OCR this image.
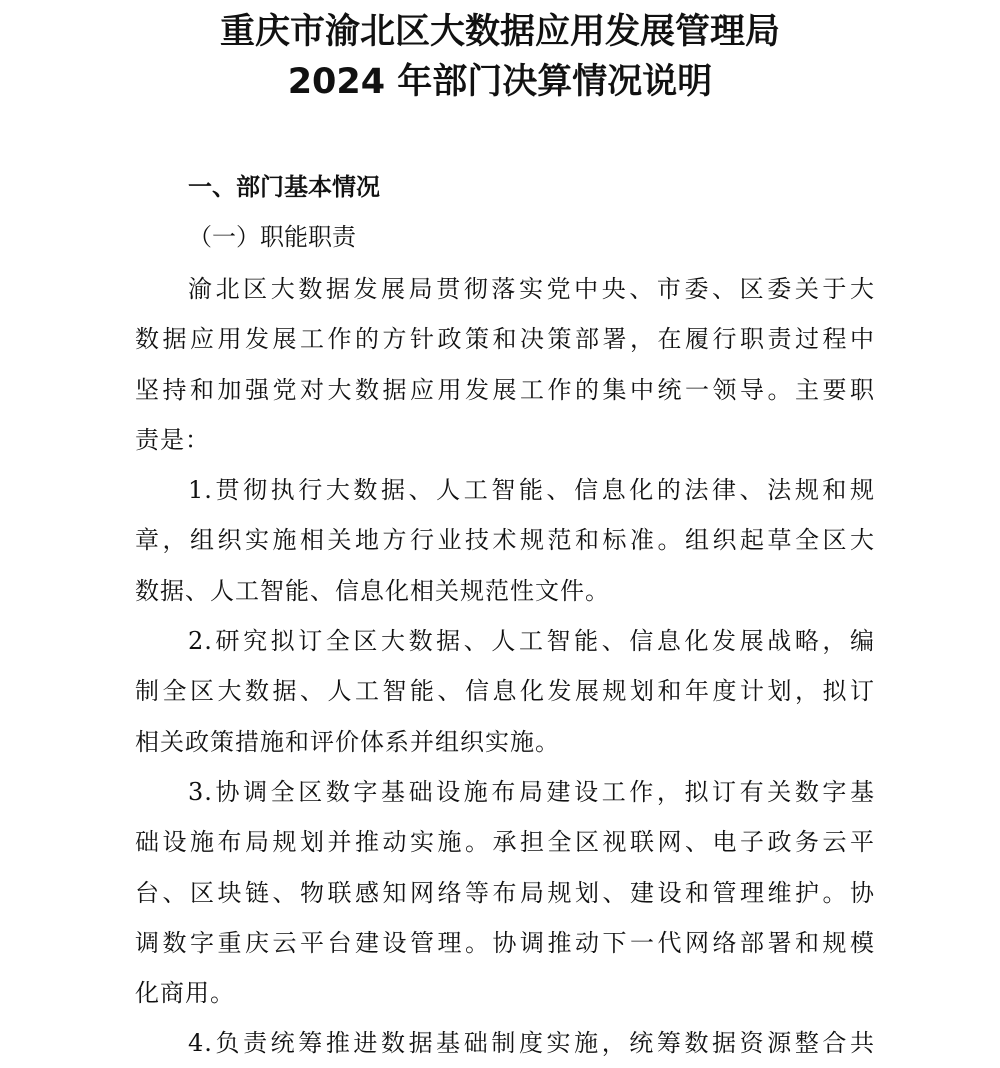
重庆市渝北区大数据应用发展管理局
2024 年部门决算情况说明
一、部门基本情况
（一）职能职责
渝北区大数据发展局贯彻落实党中央、市委、区委关于大
数据应用发展工作的方针政策和决策部署，在履行职责过程中
坚持和加强党对大数据应用发展工作的集中统一领导。主要职
责是：
1.贯彻执行大数据、人工智能、信息化的法律、法规和规
章，组织实施相关地方行业技术规范和标准。组织起草全区大
数据、人工智能、信息化相关规范性文件。
2.研究拟订全区大数据、人工智能、信息化发展战略，编
制全区大数据、人工智能、信息化发展规划和年度计划，拟订
相关政策措施和评价体系并组织实施。
3.协调全区数字基础设施布局建设工作，拟订有关数字基
础设施布局规划并推动实施。承担全区视联网、电子政务云平
台、区块链、物联感知网络等布局规划、建设和管理维护。协
调数字重庆云平台建设管理。协调推动下一代网络部署和规模
化商用。
4.负责统筹推进数据基础制度实施，统筹数据资源整合共
